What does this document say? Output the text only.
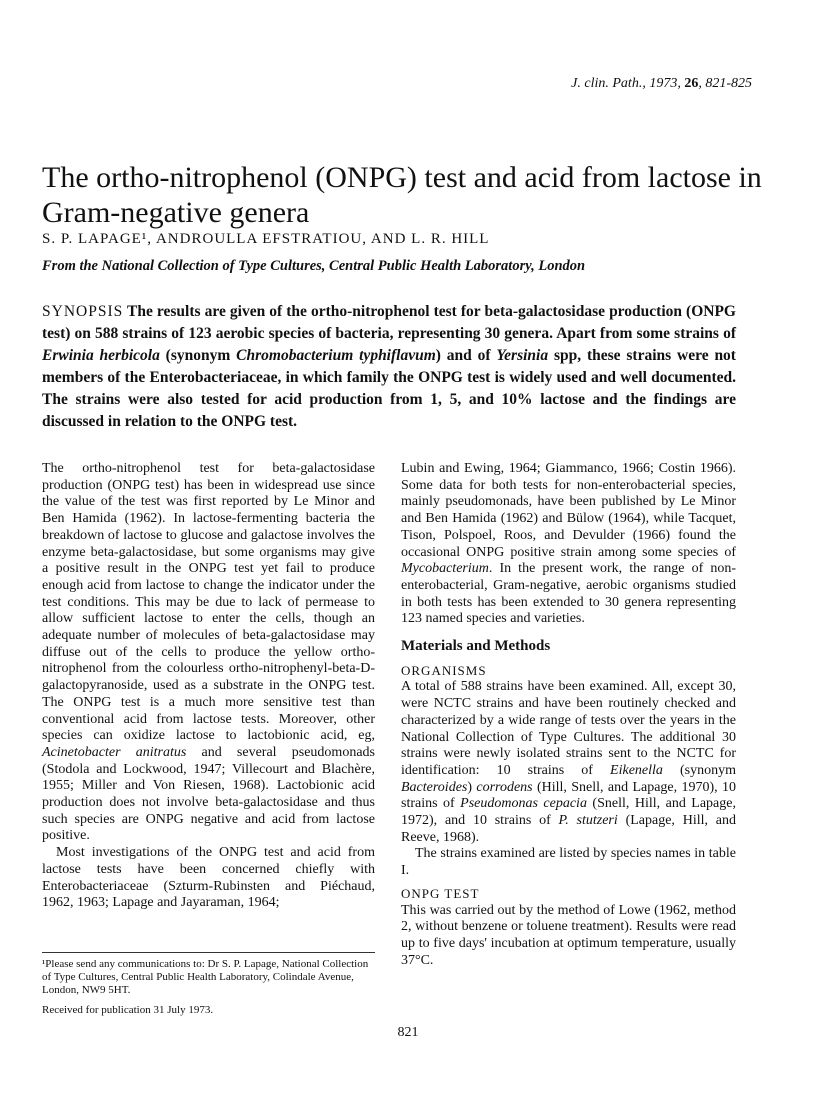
J. clin. Path., 1973, 26, 821-825
The ortho-nitrophenol (ONPG) test and acid from lactose in Gram-negative genera
S. P. LAPAGE¹, ANDROULLA EFSTRATIOU, AND L. R. HILL
From the National Collection of Type Cultures, Central Public Health Laboratory, London
SYNOPSIS The results are given of the ortho-nitrophenol test for beta-galactosidase production (ONPG test) on 588 strains of 123 aerobic species of bacteria, representing 30 genera. Apart from some strains of Erwinia herbicola (synonym Chromobacterium typhiflavum) and of Yersinia spp, these strains were not members of the Enterobacteriaceae, in which family the ONPG test is widely used and well documented. The strains were also tested for acid production from 1, 5, and 10% lactose and the findings are discussed in relation to the ONPG test.

The ortho-nitrophenol test for beta-galactosidase production (ONPG test) has been in widespread use since the value of the test was first reported by Le Minor and Ben Hamida (1962). In lactose-fermenting bacteria the breakdown of lactose to glucose and galactose involves the enzyme beta-galactosidase, but some organisms may give a positive result in the ONPG test yet fail to produce enough acid from lactose to change the indicator under the test conditions. This may be due to lack of permease to allow sufficient lactose to enter the cells, though an adequate number of molecules of beta-galactosidase may diffuse out of the cells to produce the yellow ortho-nitrophenol from the colourless ortho-nitrophenyl-beta-D-galactopyranoside, used as a substrate in the ONPG test. The ONPG test is a much more sensitive test than conventional acid from lactose tests. Moreover, other species can oxidize lactose to lactobionic acid, eg, Acinetobacter anitratus and several pseudomonads (Stodola and Lockwood, 1947; Villecourt and Blachère, 1955; Miller and Von Riesen, 1968). Lactobionic acid production does not involve beta-galactosidase and thus such species are ONPG negative and acid from lactose positive.

Most investigations of the ONPG test and acid from lactose tests have been concerned chiefly with Enterobacteriaceae (Szturm-Rubinsten and Piéchaud, 1962, 1963; Lapage and Jayaraman, 1964;

¹Please send any communications to: Dr S. P. Lapage, National Collection of Type Cultures, Central Public Health Laboratory, Colindale Avenue, London, NW9 5HT.
Received for publication 31 July 1973.

Lubin and Ewing, 1964; Giammanco, 1966; Costin 1966). Some data for both tests for non-enterobacterial species, mainly pseudomonads, have been published by Le Minor and Ben Hamida (1962) and Bülow (1964), while Tacquet, Tison, Polspoel, Roos, and Devulder (1966) found the occasional ONPG positive strain among some species of Mycobacterium. In the present work, the range of non-enterobacterial, Gram-negative, aerobic organisms studied in both tests has been extended to 30 genera representing 123 named species and varieties.

Materials and Methods

ORGANISMS

A total of 588 strains have been examined. All, except 30, were NCTC strains and have been routinely checked and characterized by a wide range of tests over the years in the National Collection of Type Cultures. The additional 30 strains were newly isolated strains sent to the NCTC for identification: 10 strains of Eikenella (synonym Bacteroides) corrodens (Hill, Snell, and Lapage, 1970), 10 strains of Pseudomonas cepacia (Snell, Hill, and Lapage, 1972), and 10 strains of P. stutzeri (Lapage, Hill, and Reeve, 1968).

The strains examined are listed by species names in table I.

ONPG TEST

This was carried out by the method of Lowe (1962, method 2, without benzene or toluene treatment). Results were read up to five days' incubation at optimum temperature, usually 37°C.

821
